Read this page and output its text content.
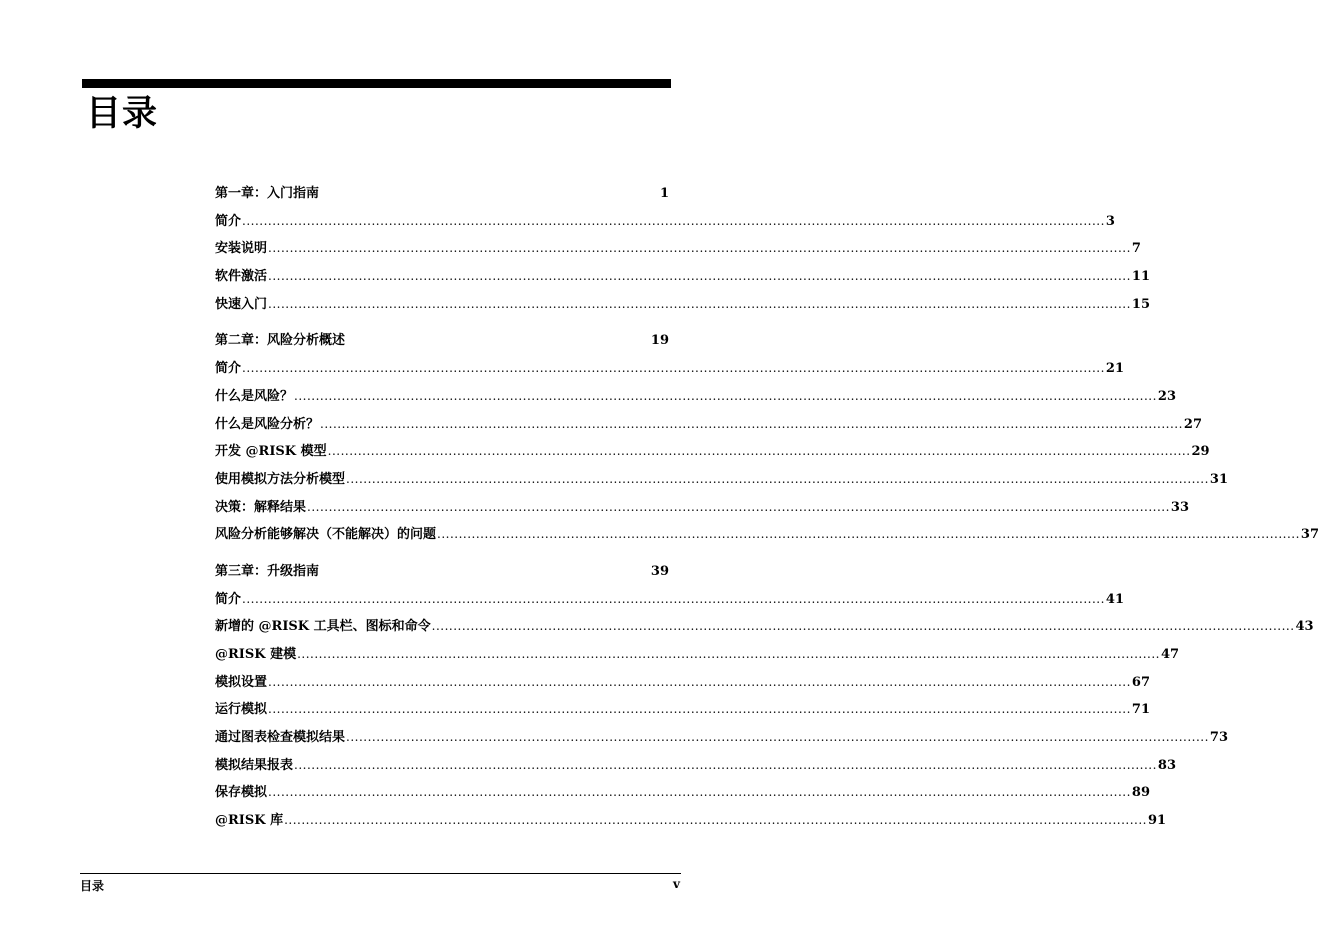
目录
第一章：入门指南	1
简介 ........................................................................................................................................................................................................ 3
安装说明 ........................................................................................................................................................................................................ 7
软件激活 ........................................................................................................................................................................................................ 11
快速入门 ........................................................................................................................................................................................................ 15
第二章：风险分析概述	19
简介 ........................................................................................................................................................................................................ 21
什么是风险？ ........................................................................................................................................................................................................ 23
什么是风险分析？ ........................................................................................................................................................................................................ 27
开发 @RISK 模型 ........................................................................................................................................................................................................ 29
使用模拟方法分析模型 ........................................................................................................................................................................................................ 31
决策：解释结果 ........................................................................................................................................................................................................ 33
风险分析能够解决（不能解决）的问题 ........................................................................................................................................................................................................ 37
第三章：升级指南	39
简介 ........................................................................................................................................................................................................ 41
新增的 @RISK 工具栏、图标和命令 ........................................................................................................................................................................................................ 43
@RISK 建模 ........................................................................................................................................................................................................ 47
模拟设置 ........................................................................................................................................................................................................ 67
运行模拟 ........................................................................................................................................................................................................ 71
通过图表检查模拟结果 ........................................................................................................................................................................................................ 73
模拟结果报表 ........................................................................................................................................................................................................ 83
保存模拟 ........................................................................................................................................................................................................ 89
@RISK 库 ........................................................................................................................................................................................................ 91
目录	v
